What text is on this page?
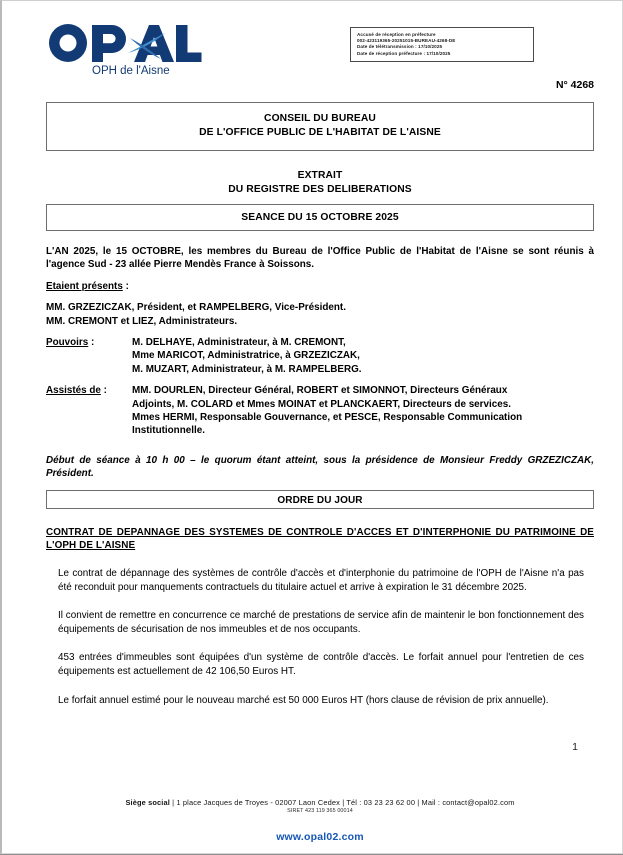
OPH de l'Aisne
Accusé de réception en préfecture
002-423119365-20251015-BUREAU-4268-DE
Date de télétransmission : 17/10/2025
Date de réception préfecture : 17/10/2025
N° 4268
CONSEIL DU BUREAU
DE L'OFFICE PUBLIC DE L'HABITAT DE L'AISNE
EXTRAIT
DU REGISTRE DES DELIBERATIONS
SEANCE DU 15 OCTOBRE 2025

L'AN 2025, le 15 OCTOBRE, les membres du Bureau de l'Office Public de l'Habitat de l'Aisne se sont réunis à l'agence Sud - 23 allée Pierre Mendès France à Soissons.

Etaient présents :

MM. GRZEZICZAK, Président, et RAMPELBERG, Vice-Président.

MM. CREMONT et LIEZ, Administrateurs.

Pouvoirs :	M. DELHAYE, Administrateur, à M. CREMONT,
Mme MARICOT, Administratrice, à GRZEZICZAK,
M. MUZART, Administrateur, à M. RAMPELBERG.
Assistés de :	MM. DOURLEN, Directeur Général, ROBERT et SIMONNOT, Directeurs Généraux
Adjoints, M. COLARD et Mmes MOINAT et PLANCKAERT, Directeurs de services.
Mmes HERMI, Responsable Gouvernance, et PESCE, Responsable Communication
Institutionnelle.

Début de séance à 10 h 00 – le quorum étant atteint, sous la présidence de Monsieur Freddy GRZEZICZAK, Président.

ORDRE DU JOUR
CONTRAT DE DEPANNAGE DES SYSTEMES DE CONTROLE D'ACCES ET D'INTERPHONIE DU PATRIMOINE DE L'OPH DE L'AISNE

Le contrat de dépannage des systèmes de contrôle d'accès et d'interphonie du patrimoine de l'OPH de l'Aisne n'a pas été reconduit pour manquements contractuels du titulaire actuel et arrive à expiration le 31 décembre 2025.

Il convient de remettre en concurrence ce marché de prestations de service afin de maintenir le bon fonctionnement des équipements de sécurisation de nos immeubles et de nos occupants.

453 entrées d'immeubles sont équipées d'un système de contrôle d'accès. Le forfait annuel pour l'entretien de ces équipements est actuellement de 42 106,50 Euros HT.

Le forfait annuel estimé pour le nouveau marché est 50 000 Euros HT (hors clause de révision de prix annuelle).

1
Siège social | 1 place Jacques de Troyes - 02007 Laon Cedex | Tél : 03 23 23 62 00 | Mail : contact@opal02.com
SIRET 423 119 365 00014
www.opal02.com
